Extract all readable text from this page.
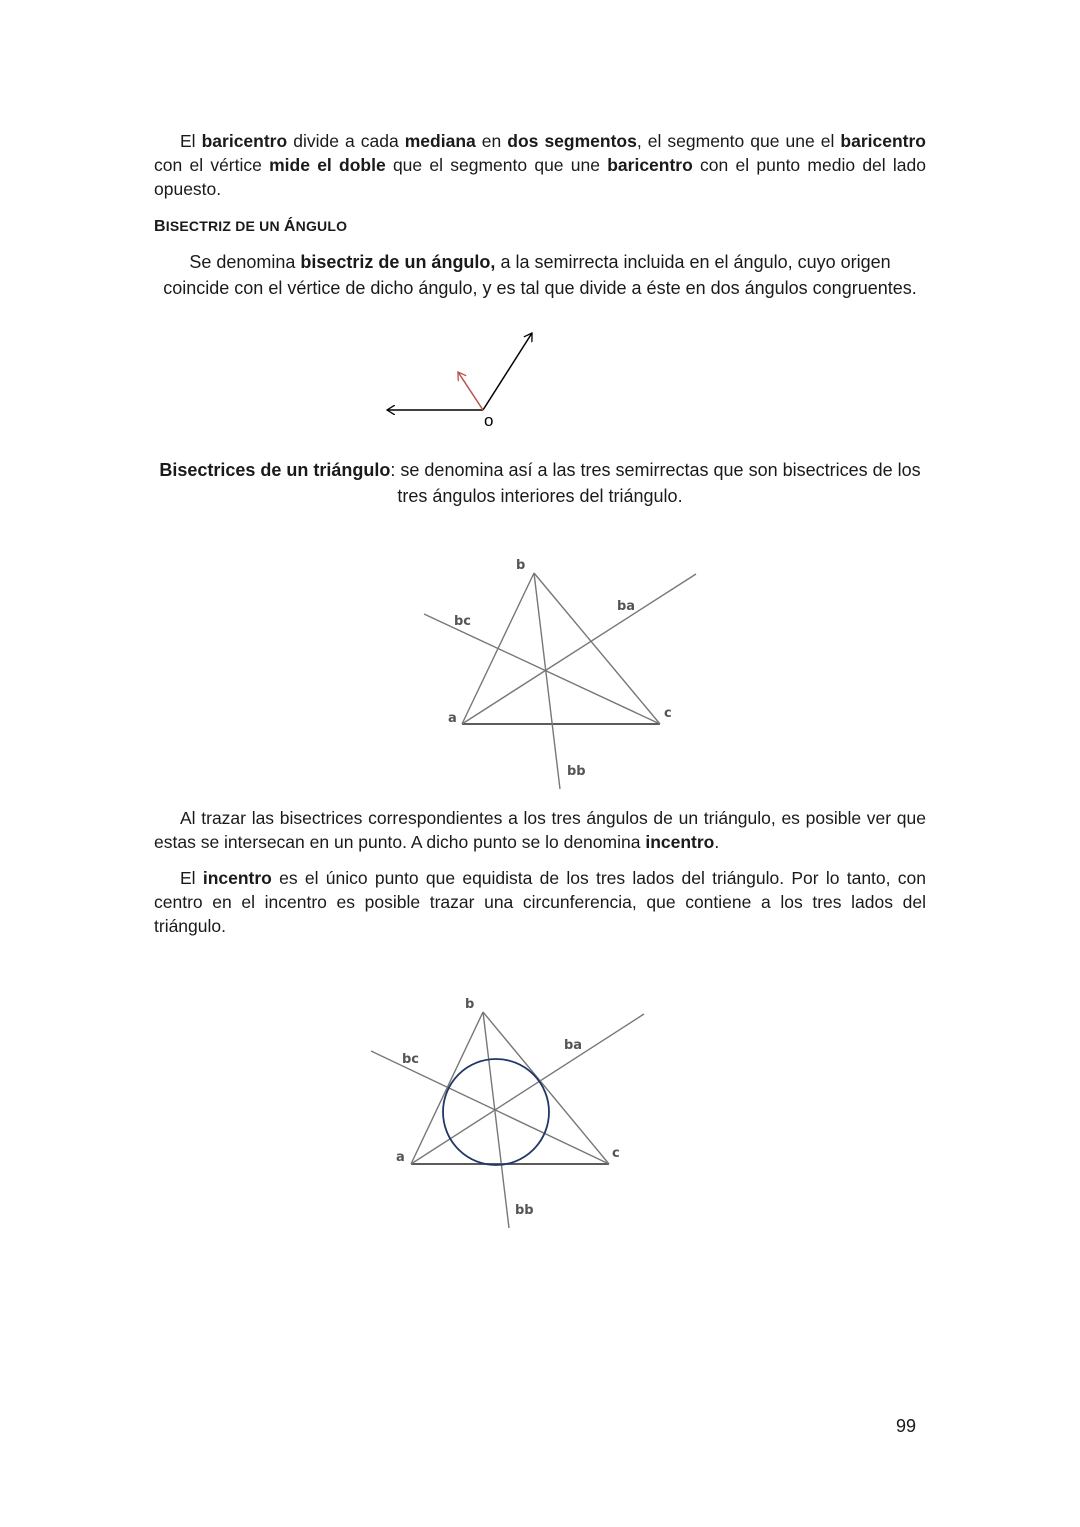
El baricentro divide a cada mediana en dos segmentos, el segmento que une el baricentro con el vértice mide el doble que el segmento que une baricentro con el punto medio del lado opuesto.

BISECTRIZ DE UN ÁNGULO

Se denomina bisectriz de un ángulo, a la semirrecta incluida en el ángulo, cuyo origen coincide con el vértice de dicho ángulo, y es tal que divide a éste en dos ángulos congruentes.

o

Bisectrices de un triángulo: se denomina así a las tres semirrectas que son bisectrices de los tres ángulos interiores del triángulo.

b
a	c
ba
bc
bb

Al trazar las bisectrices correspondientes a los tres ángulos de un triángulo, es posible ver que estas se intersecan en un punto. A dicho punto se lo denomina incentro.

El incentro es el único punto que equidista de los tres lados del triángulo. Por lo tanto, con centro en el incentro es posible trazar una circunferencia, que contiene a los tres lados del triángulo.

b
a	c
ba
bc
bb
99
